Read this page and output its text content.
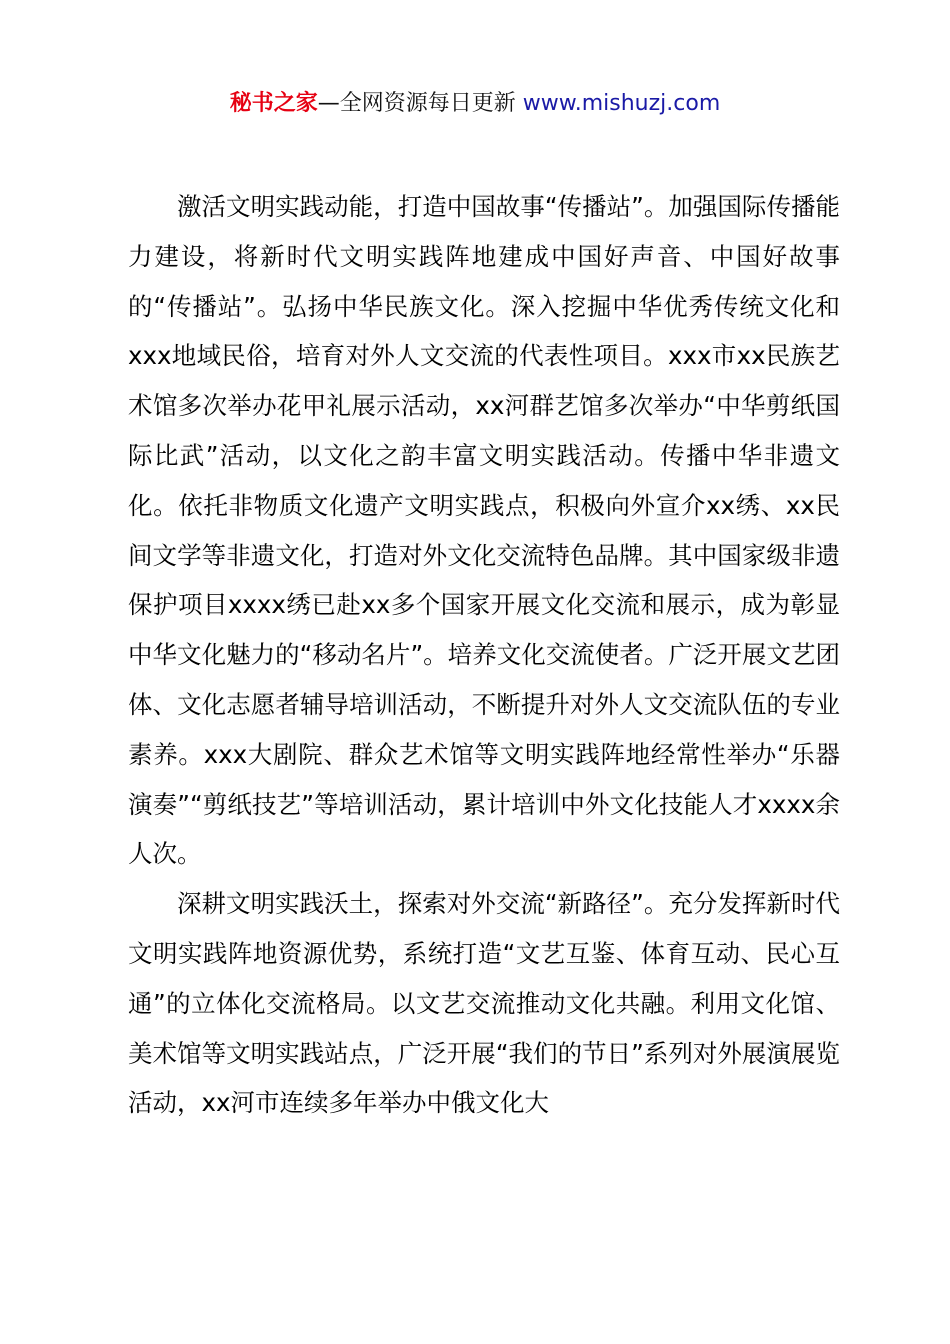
秘书之家—全网资源每日更新 www.mishuzj.com

激活文明实践动能，打造中国故事“传播站”。加强国际传播能力建设，将新时代文明实践阵地建成中国好声音、中国好故事的“传播站”。弘扬中华民族文化。深入挖掘中华优秀传统文化和xxx地域民俗，培育对外人文交流的代表性项目。xxx市xx民族艺术馆多次举办花甲礼展示活动，xx河群艺馆多次举办“中华剪纸国际比武”活动，以文化之韵丰富文明实践活动。传播中华非遗文化。依托非物质文化遗产文明实践点，积极向外宣介xx绣、xx民间文学等非遗文化，打造对外文化交流特色品牌。其中国家级非遗保护项目xxxx绣已赴xx多个国家开展文化交流和展示，成为彰显中华文化魅力的“移动名片”。培养文化交流使者。广泛开展文艺团体、文化志愿者辅导培训活动，不断提升对外人文交流队伍的专业素养。xxx大剧院、群众艺术馆等文明实践阵地经常性举办“乐器演奏”“剪纸技艺”等培训活动，累计培训中外文化技能人才xxxx余人次。

深耕文明实践沃土，探索对外交流“新路径”。充分发挥新时代文明实践阵地资源优势，系统打造“文艺互鉴、体育互动、民心互通”的立体化交流格局。以文艺交流推动文化共融。利用文化馆、美术馆等文明实践站点，广泛开展“我们的节日”系列对外展演展览活动，xx河市连续多年举办中俄文化大
